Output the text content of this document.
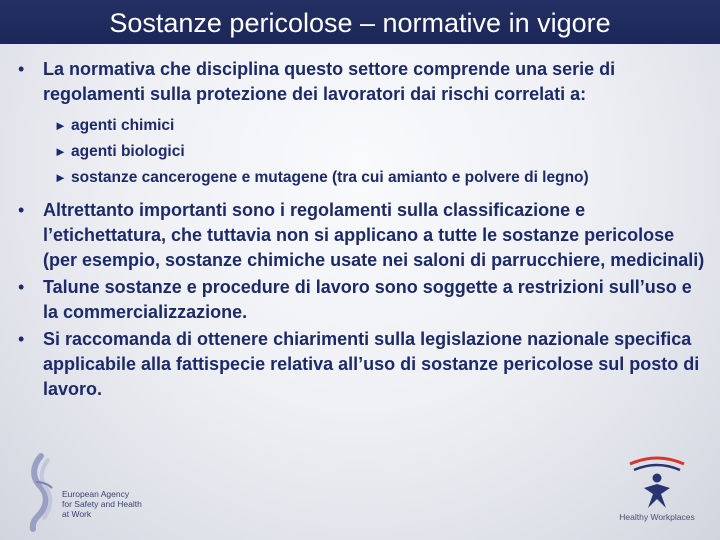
Sostanze pericolose – normative in vigore
• La normativa che disciplina questo settore comprende una serie di regolamenti sulla protezione dei lavoratori dai rischi correlati a:
► agenti chimici
► agenti biologici
► sostanze cancerogene e mutagene (tra cui amianto e polvere di legno)
• Altrettanto importanti sono i regolamenti sulla classificazione e l’etichettatura, che tuttavia non si applicano a tutte le sostanze pericolose (per esempio, sostanze chimiche usate nei saloni di parrucchiere, medicinali)
• Talune sostanze e procedure di lavoro sono soggette a restrizioni sull’uso e la commercializzazione.
• Si raccomanda di ottenere chiarimenti sulla legislazione nazionale specifica applicabile alla fattispecie relativa all’uso di sostanze pericolose sul posto di lavoro.
European Agency
for Safety and Health
at Work	Healthy Workplaces
